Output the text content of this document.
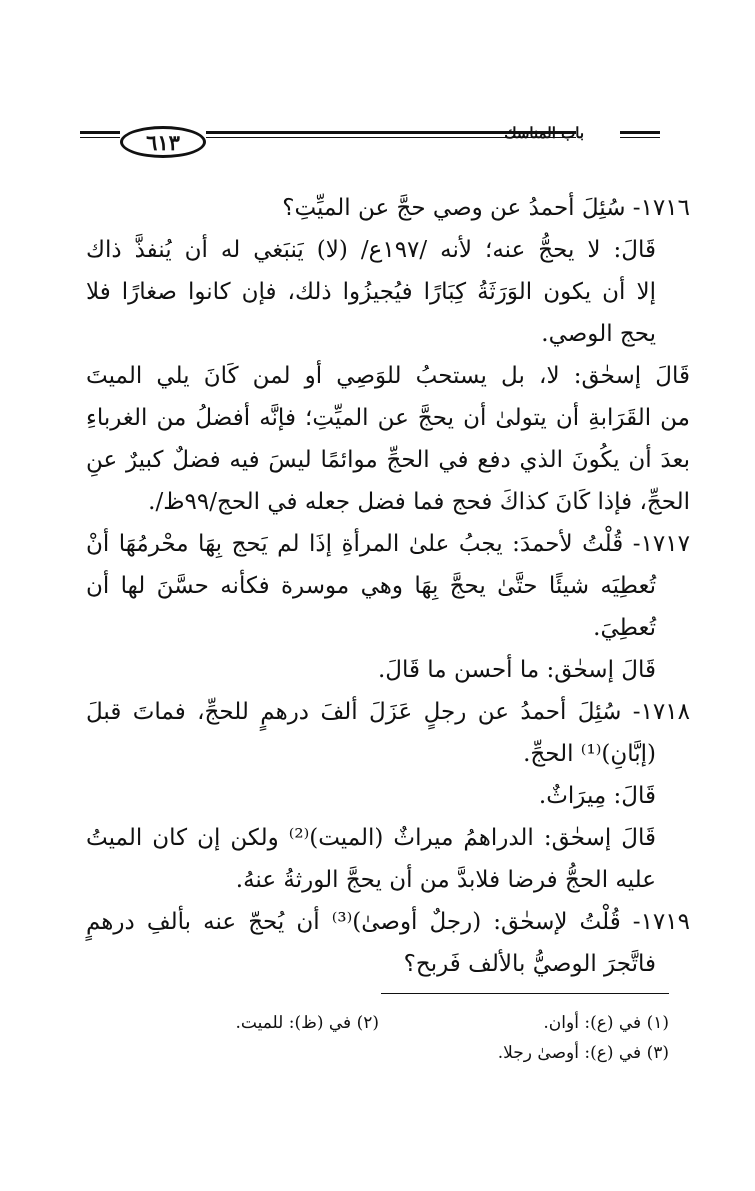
٦١٣	باب المناسك
١٧١٦- سُئِلَ أحمدُ عن وصي حجَّ عن الميِّتِ؟
قَالَ: لا يحجُّ عنه؛ لأنه /١٩٧ع/ (لا) يَنبَغي له أن يُنفذَّ ذاك
إلا أن يكون الوَرَثَةُ كِبَارًا فيُجيزُوا ذلك، فإن كانوا صغارًا فلا
يحج الوصي.
قَالَ إسحٰق: لا، بل يستحبُ للوَصِي أو لمن كَانَ يلي الميتَ
من القَرَابةِ أن يتولىٰ أن يحجَّ عن الميِّتِ؛ فإنَّه أفضلُ من الغرباءِ
بعدَ أن يكُونَ الذي دفع في الحجِّ موائمًا ليسَ فيه فضلٌ كبيرٌ عنِ
الحجِّ، فإذا كَانَ كذاكَ فحج فما فضل جعله في الحج/٩٩ظ/.
١٧١٧- قُلْتُ لأحمدَ: يجبُ علىٰ المرأةِ إذَا لم يَحج بِهَا محْرمُهَا أنْ
تُعطِيَه شيئًا حتَّىٰ يحجَّ بِهَا وهي موسرة فكأنه حسَّنَ لها أن
تُعطِيَ.
قَالَ إسحٰق: ما أحسن ما قَالَ.
١٧١٨- سُئِلَ أحمدُ عن رجلٍ عَزَلَ ألفَ درهمٍ للحجِّ، فماتَ قبلَ
(إبَّانِ)⁽¹⁾ الحجِّ.
قَالَ: مِيرَاثٌ.
قَالَ إسحٰق: الدراهمُ ميراثٌ (الميت)⁽²⁾ ولكن إن كان الميتُ
عليه الحجُّ فرضا فلابدَّ من أن يحجَّ الورثةُ عنهُ.
١٧١٩- قُلْتُ لإسحٰق: (رجلٌ أوصىٰ)⁽³⁾ أن يُحجّ عنه بألفِ درهمٍ
فاتَّجرَ الوصيُّ بالألف فَربح؟
(١) في (ع): أوان.
(٢) في (ظ): للميت.
(٣) في (ع): أوصىٰ رجلا.
